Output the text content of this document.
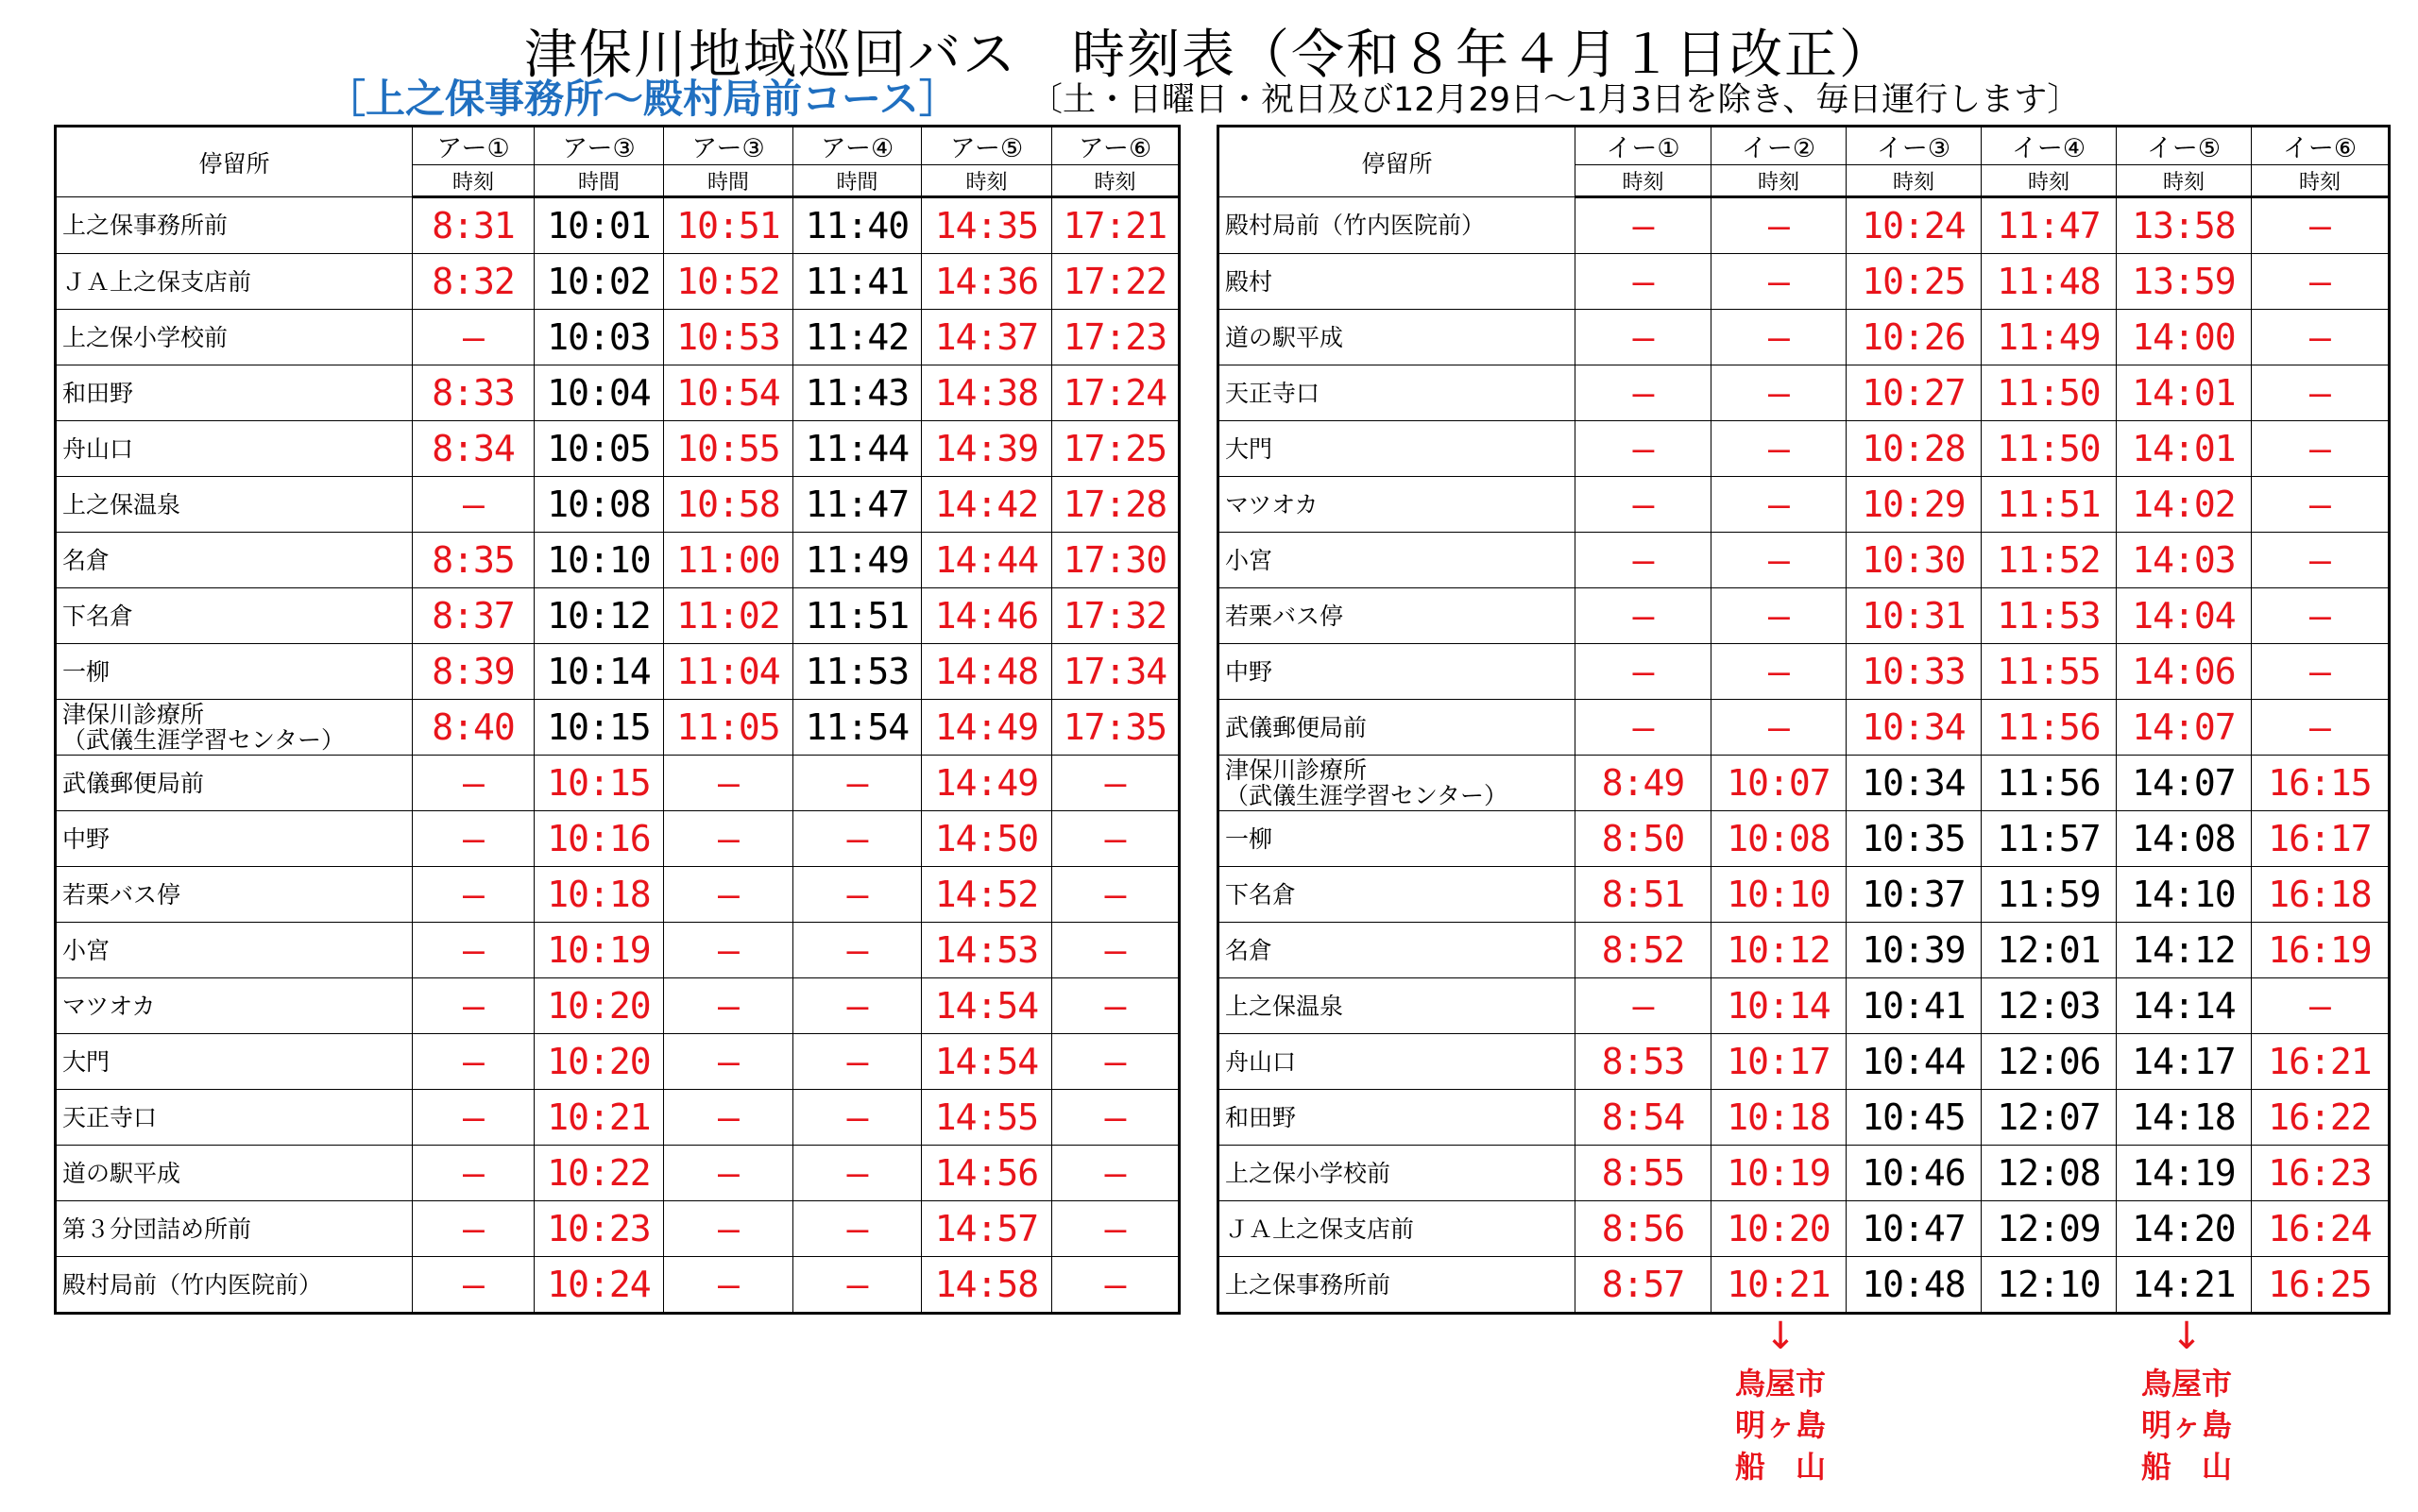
津保川地域巡回バス　時刻表（令和８年４月１日改正）
［上之保事務所～殿村局前コース］ 〔土・日曜日・祝日及び12月29日～1月3日を除き、毎日運行します〕
停留所	アー①	アー③	アー③	アー④	アー⑤	アー⑥
	時刻	時間	時間	時間	時刻	時刻
上之保事務所前	8:31	10:01	10:51	11:40	14:35	17:21
ＪＡ上之保支店前	8:32	10:02	10:52	11:41	14:36	17:22
上之保小学校前	—	10:03	10:53	11:42	14:37	17:23
和田野	8:33	10:04	10:54	11:43	14:38	17:24
舟山口	8:34	10:05	10:55	11:44	14:39	17:25
上之保温泉	—	10:08	10:58	11:47	14:42	17:28
名倉	8:35	10:10	11:00	11:49	14:44	17:30
下名倉	8:37	10:12	11:02	11:51	14:46	17:32
一柳	8:39	10:14	11:04	11:53	14:48	17:34
津保川診療所
（武儀生涯学習センター）	8:40	10:15	11:05	11:54	14:49	17:35
武儀郵便局前	—	10:15	—	—	14:49	—
中野	—	10:16	—	—	14:50	—
若栗バス停	—	10:18	—	—	14:52	—
小宮	—	10:19	—	—	14:53	—
マツオカ	—	10:20	—	—	14:54	—
大門	—	10:20	—	—	14:54	—
天正寺口	—	10:21	—	—	14:55	—
道の駅平成	—	10:22	—	—	14:56	—
第３分団詰め所前	—	10:23	—	—	14:57	—
殿村局前（竹内医院前）	—	10:24	—	—	14:58	—
停留所	イー①	イー②	イー③	イー④	イー⑤	イー⑥
	時刻	時刻	時刻	時刻	時刻	時刻
殿村局前（竹内医院前）	—	—	10:24	11:47	13:58	—
殿村	—	—	10:25	11:48	13:59	—
道の駅平成	—	—	10:26	11:49	14:00	—
天正寺口	—	—	10:27	11:50	14:01	—
大門	—	—	10:28	11:50	14:01	—
マツオカ	—	—	10:29	11:51	14:02	—
小宮	—	—	10:30	11:52	14:03	—
若栗バス停	—	—	10:31	11:53	14:04	—
中野	—	—	10:33	11:55	14:06	—
武儀郵便局前	—	—	10:34	11:56	14:07	—
津保川診療所
（武儀生涯学習センター）	8:49	10:07	10:34	11:56	14:07	16:15
一柳	8:50	10:08	10:35	11:57	14:08	16:17
下名倉	8:51	10:10	10:37	11:59	14:10	16:18
名倉	8:52	10:12	10:39	12:01	14:12	16:19
上之保温泉	—	10:14	10:41	12:03	14:14	—
舟山口	8:53	10:17	10:44	12:06	14:17	16:21
和田野	8:54	10:18	10:45	12:07	14:18	16:22
上之保小学校前	8:55	10:19	10:46	12:08	14:19	16:23
ＪＡ上之保支店前	8:56	10:20	10:47	12:09	14:20	16:24
上之保事務所前	8:57	10:21	10:48	12:10	14:21	16:25
↓
鳥屋市
明ヶ島
船　山
↓
鳥屋市
明ヶ島
船　山
